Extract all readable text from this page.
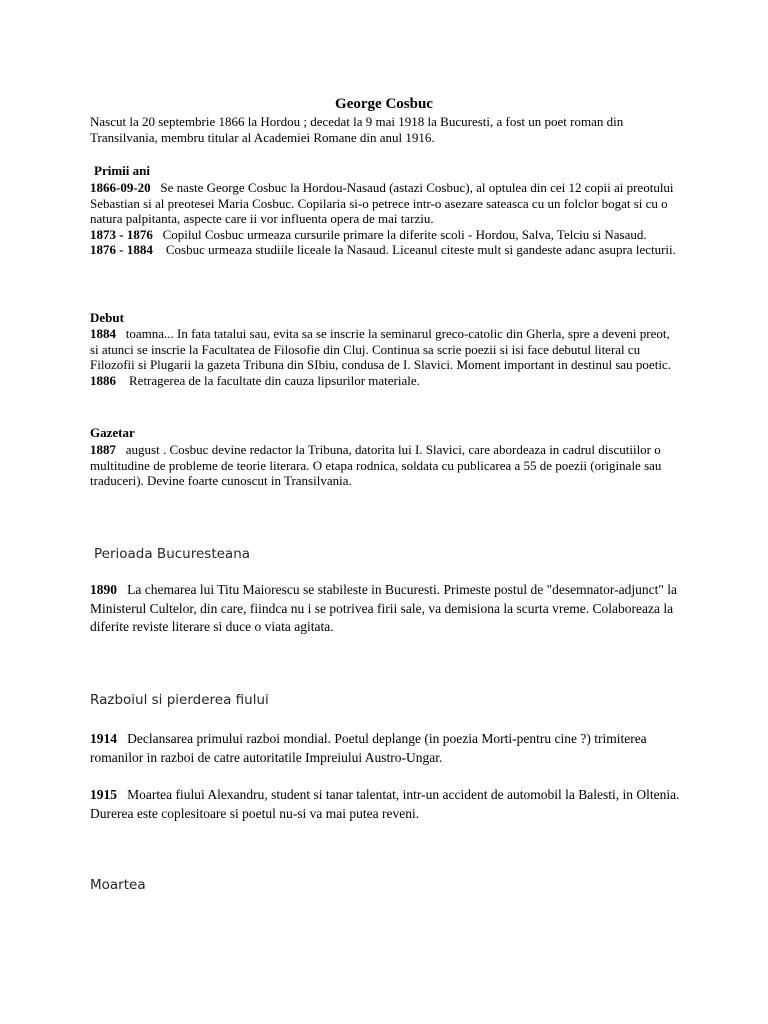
George Cosbuc
Nascut la 20 septembrie 1866 la Hordou ; decedat la 9 mai 1918 la Bucuresti, a fost un poet roman din Transilvania, membru titular al Academiei Romane din anul 1916.
Primii ani

1866-09-20 Se naste George Cosbuc la Hordou-Nasaud (astazi Cosbuc), al optulea din cei 12 copii ai preotului Sebastian si al preotesei Maria Cosbuc. Copilaria si-o petrece intr-o asezare sateasca cu un folclor bogat si cu o natura palpitanta, aspecte care ii vor influenta opera de mai tarziu.

1873 - 1876 Copilul Cosbuc urmeaza cursurile primare la diferite scoli - Hordou, Salva, Telciu si Nasaud.

1876 - 1884 Cosbuc urmeaza studiile liceale la Nasaud. Liceanul citeste mult si gandeste adanc asupra lecturii.

Debut

1884 toamna... In fata tatalui sau, evita sa se inscrie la seminarul greco-catolic din Gherla, spre a deveni preot, si atunci se inscrie la Facultatea de Filosofie din Cluj. Continua sa scrie poezii si isi face debutul literal cu Filozofii si Plugarii la gazeta Tribuna din SIbiu, condusa de I. Slavici. Moment important in destinul sau poetic.

1886 Retragerea de la facultate din cauza lipsurilor materiale.

Gazetar

1887 august . Cosbuc devine redactor la Tribuna, datorita lui I. Slavici, care abordeaza in cadrul discutiilor o multitudine de probleme de teorie literara. O etapa rodnica, soldata cu publicarea a 55 de poezii (originale sau traduceri). Devine foarte cunoscut in Transilvania.

Perioada Bucuresteana

1890 La chemarea lui Titu Maiorescu se stabileste in Bucuresti. Primeste postul de "desemnator-adjunct" la Ministerul Cultelor, din care, fiindca nu i se potrivea firii sale, va demisiona la scurta vreme. Colaboreaza la diferite reviste literare si duce o viata agitata.

Razboiul si pierderea fiului

1914 Declansarea primului razboi mondial. Poetul deplange (in poezia Morti-pentru cine ?) trimiterea romanilor in razboi de catre autoritatile Impreiului Austro-Ungar.

1915 Moartea fiului Alexandru, student si tanar talentat, intr-un accident de automobil la Balesti, in Oltenia. Durerea este coplesitoare si poetul nu-si va mai putea reveni.

Moartea
